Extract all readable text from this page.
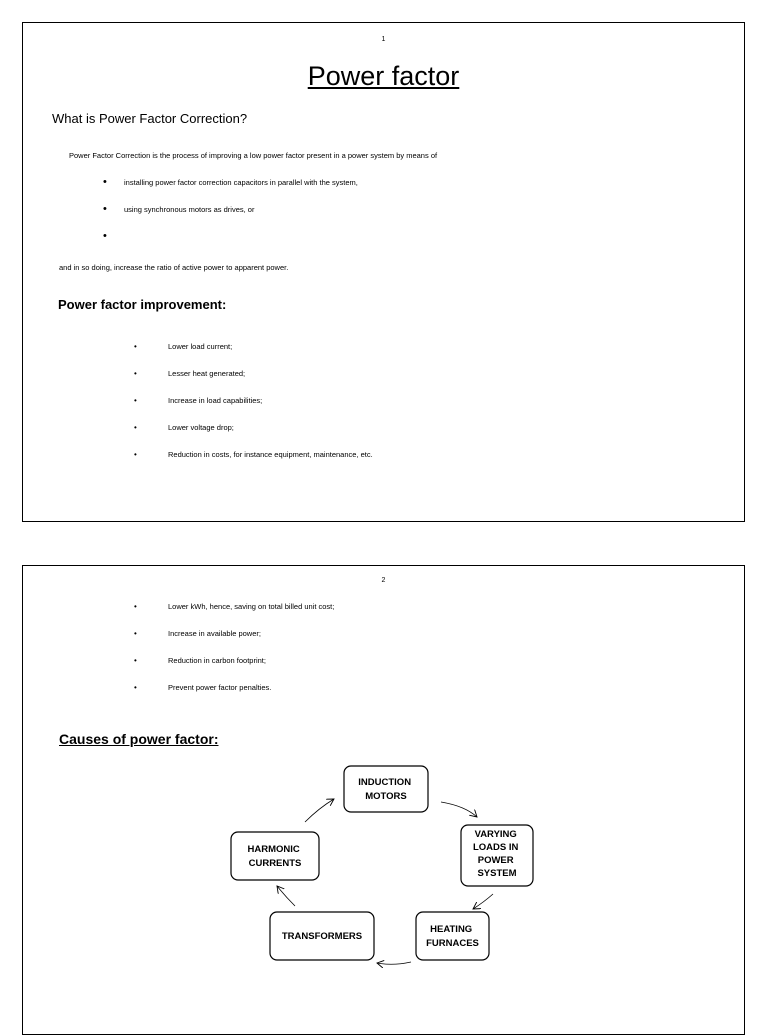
1
Power factor
What is Power Factor Correction?
Power Factor Correction is the process of improving a low power factor present in a power system by means of
• installing power factor correction capacitors in parallel with the system,
• using synchronous motors as drives, or
•
and in so doing, increase the ratio of active power to apparent power.
Power factor improvement:
•	Lower load current;
•	Lesser heat generated;
•	Increase in load capabilities;
•	Lower voltage drop;
•	Reduction in costs, for instance equipment, maintenance, etc.
2
•	Lower kWh, hence, saving on total billed unit cost;
•	Increase in available power;
•	Reduction in carbon footprint;
•	Prevent power factor penalties.
Causes of power factor:
INDUCTION MOTORS
VARYING LOADS IN POWER SYSTEM
HEATING FURNACES
TRANSFORMERS
HARMONIC CURRENTS
